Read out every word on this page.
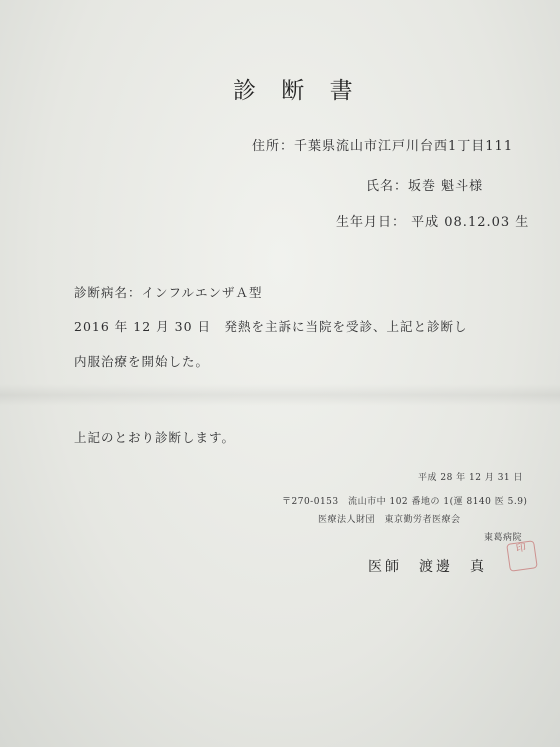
診 断 書
住所：千葉県流山市江戸川台西1丁目111
氏名：坂巻 魁斗様
生年月日： 平成 08.12.03 生
診断病名：インフルエンザＡ型
2016 年 12 月 30 日　発熱を主訴に当院を受診、上記と診断し
内服治療を開始した。
上記のとおり診断します。
平成 28 年 12 月 31 日
〒270-0153　流山市中 102 番地の 1(運 8140 医 5.9)
医療法人財団　東京勤労者医療会
東葛病院
医師　渡邊　真
印
